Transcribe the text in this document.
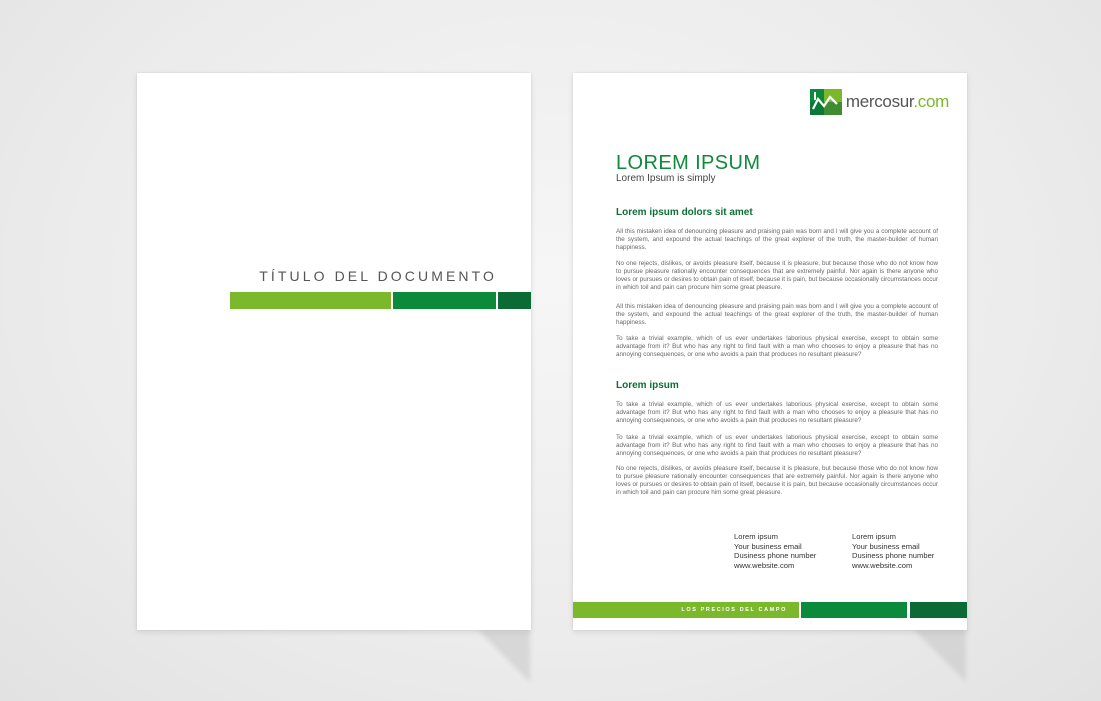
TÍTULO DEL DOCUMENTO
mercosur.com
LOREM IPSUM
Lorem Ipsum is simply
Lorem ipsum dolors sit amet

All this mistaken idea of denouncing pleasure and praising pain was born and I will give you a complete account of the system, and expound the actual teachings of the great explorer of the truth, the master-builder of human happiness.

No one rejects, dislikes, or avoids pleasure itself, because it is pleasure, but because those who do not know how to pursue pleasure rationally encounter consequences that are extremely painful. Nor again is there anyone who loves or pursues or desires to obtain pain of itself, because it is pain, but because occasionally circumstances occur in which toil and pain can procure him some great pleasure.

All this mistaken idea of denouncing pleasure and praising pain was born and I will give you a complete account of the system, and expound the actual teachings of the great explorer of the truth, the master-builder of human happiness.

To take a trivial example, which of us ever undertakes laborious physical exercise, except to obtain some advantage from it? But who has any right to find fault with a man who chooses to enjoy a pleasure that has no annoying consequences, or one who avoids a pain that produces no resultant pleasure?

Lorem ipsum

To take a trivial example, which of us ever undertakes laborious physical exercise, except to obtain some advantage from it? But who has any right to find fault with a man who chooses to enjoy a pleasure that has no annoying consequences, or one who avoids a pain that produces no resultant pleasure?

To take a trivial example, which of us ever undertakes laborious physical exercise, except to obtain some advantage from it? But who has any right to find fault with a man who chooses to enjoy a pleasure that has no annoying consequences, or one who avoids a pain that produces no resultant pleasure?

No one rejects, dislikes, or avoids pleasure itself, because it is pleasure, but because those who do not know how to pursue pleasure rationally encounter consequences that are extremely painful. Nor again is there anyone who loves or pursues or desires to obtain pain of itself, because it is pain, but because occasionally circumstances occur in which toil and pain can procure him some great pleasure.

Lorem ipsum
Your business email
Dusiness phone number
www.website.com
Lorem ipsum
Your business email
Dusiness phone number
www.website.com
LOS PRECIOS DEL CAMPO
